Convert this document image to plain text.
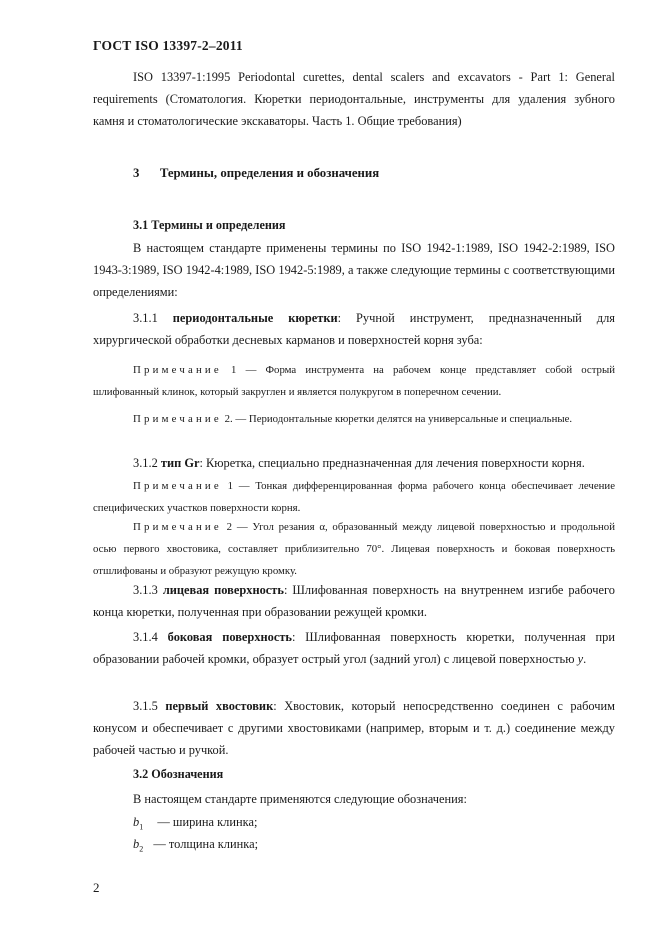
ГОСТ ISO 13397-2–2011

ISO 13397-1:1995 Periodontal curettes, dental scalers and excavators - Part 1: General requirements (Стоматология. Кюретки периодонтальные, инструменты для удаления зубного камня и стоматологические экскаваторы. Часть 1. Общие требования)

3 Термины, определения и обозначения
3.1 Термины и определения

В настоящем стандарте применены термины по ISO 1942-1:1989, ISO 1942-2:1989, ISO 1943-3:1989, ISO 1942-4:1989, ISO 1942-5:1989, а также следующие термины с соответствующими определениями:

3.1.1 периодонтальные кюретки: Ручной инструмент, предназначенный для хирургической обработки десневых карманов и поверхностей корня зуба:

Примечание 1 — Форма инструмента на рабочем конце представляет собой острый шлифованный клинок, который закруглен и является полукругом в поперечном сечении.

Примечание 2. — Периодонтальные кюретки делятся на универсальные и специальные.

3.1.2 тип Gr: Кюретка, специально предназначенная для лечения поверхности корня.

Примечание 1 — Тонкая дифференцированная форма рабочего конца обеспечивает лечение специфических участков поверхности корня.

Примечание 2 — Угол резания α, образованный между лицевой поверхностью и продольной осью первого хвостовика, составляет приблизительно 70°. Лицевая поверхность и боковая поверхность отшлифованы и образуют режущую кромку.

3.1.3 лицевая поверхность: Шлифованная поверхность на внутреннем изгибе рабочего конца кюретки, полученная при образовании режущей кромки.

3.1.4 боковая поверхность: Шлифованная поверхность кюретки, полученная при образовании рабочей кромки, образует острый угол (задний угол) с лицевой поверхностью y.

3.1.5 первый хвостовик: Хвостовик, который непосредственно соединен с рабочим конусом и обеспечивает с другими хвостовиками (например, вторым и т. д.) соединение между рабочей частью и ручкой.

3.2 Обозначения

В настоящем стандарте применяются следующие обозначения:

$b_1$ — ширина клинка;
$b_2$ — толщина клинка;
2
